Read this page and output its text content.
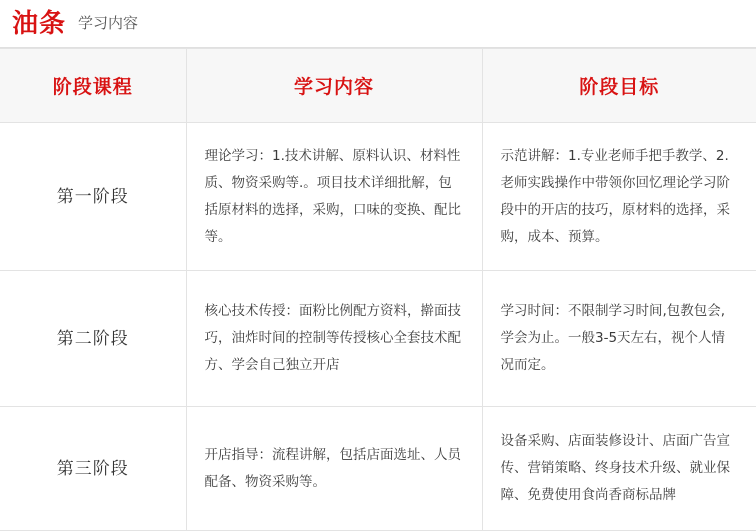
油条 学习内容
阶段课程	学习内容	阶段目标
第一阶段	理论学习：1.技术讲解、原料认识、材料性质、物资采购等.。项目技术详细批解，包括原材料的选择，采购，口味的变换、配比等。	示范讲解：1.专业老师手把手教学、2.老师实践操作中带领你回忆理论学习阶段中的开店的技巧，原材料的选择，采购，成本、预算。

第二阶段	核心技术传授：面粉比例配方资料，擀面技巧，油炸时间的控制等传授核心全套技术配方、学会自己独立开店	学习时间：不限制学习时间,包教包会,学会为止。一般3-5天左右，视个人情况而定。

第三阶段	开店指导：流程讲解，包括店面选址、人员配备、物资采购等。	设备采购、店面装修设计、店面广告宣传、营销策略、终身技术升级、就业保障、免费使用食尚香商标品牌
